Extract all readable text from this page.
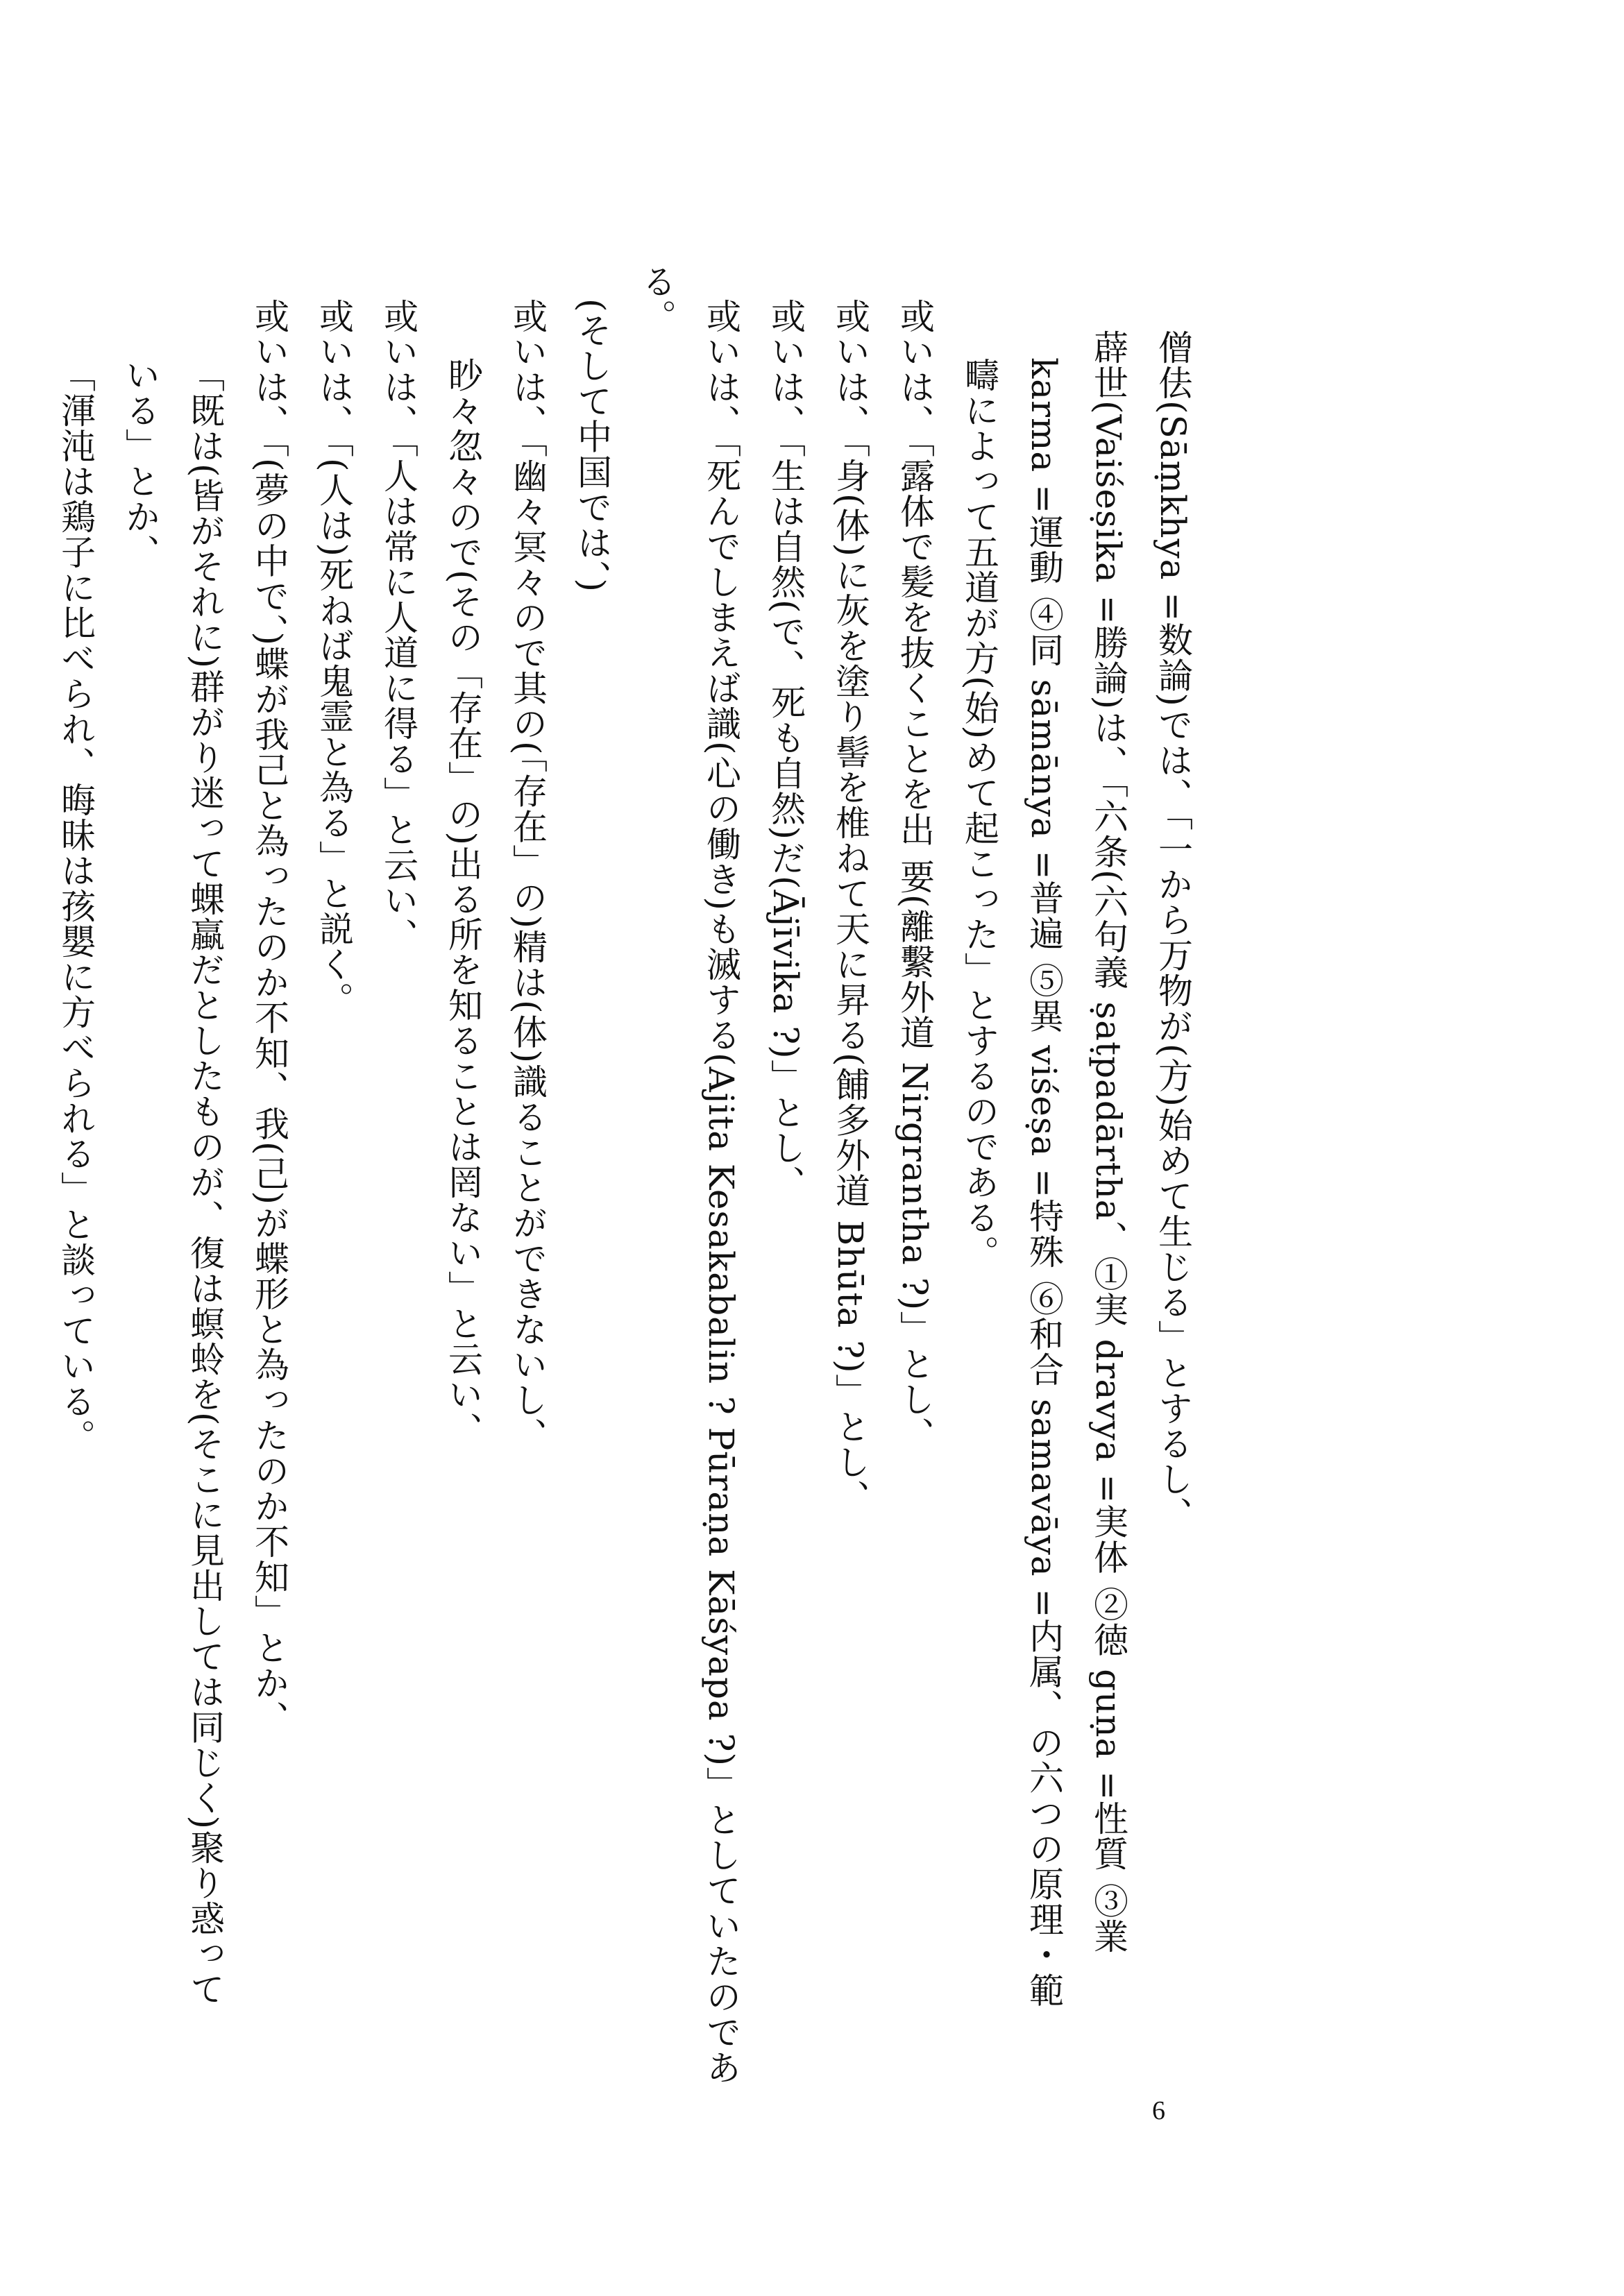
僧佉(Sāṃkhya =数論)では、「一から万物が(方)始めて生じる」とするし、
薜世(Vaiśeṣika =勝論)は、「六条(六句義 ṣaṭpadārtha、①実 dravya =実体 ②徳 guṇa =性質 ③業
karma =運動 ④同 sāmānya =普遍 ⑤異 viśeṣa =特殊 ⑥和合 samavāya =内属、の六つの原理・範
疇によって五道が方(始)めて起こった」とするのである。
或いは、「露体で髪を抜くことを出 要(離繫外道 Nirgrantha ?)」とし、
或いは、「身(体)に灰を塗り髻を椎ねて天に昇る(餔多外道 Bhūta ?)」とし、
或いは、「生は自然(で、死も自然)だ(Ājīvika ?)」とし、
或いは、「死んでしまえば識(心の働き)も滅する(Ajita Kesakabalin ? Pūraṇa Kāśyapa ?)」としていたのであ
る。
(そして中国では、)
或いは、「幽々冥々ので其の(「存在」の)精は(体)識ることができないし、
眇々忽々ので(その「存在」の)出る所を知ることは罔ない」と云い、
或いは、「人は常に人道に得る」と云い、
或いは、「(人は)死ねば鬼霊と為る」と説く。
或いは、「(夢の中で、)蝶が我己と為ったのか不知、我(己)が蝶形と為ったのか不知」とか、
「既は(皆がそれに)群がり迷って蜾蠃だとしたものが、復は螟蛉を(そこに見出しては同じく)聚り惑って
いる」とか、
「渾沌は鶏子に比べられ、晦昧は孩嬰に方べられる」と談っている。
6
